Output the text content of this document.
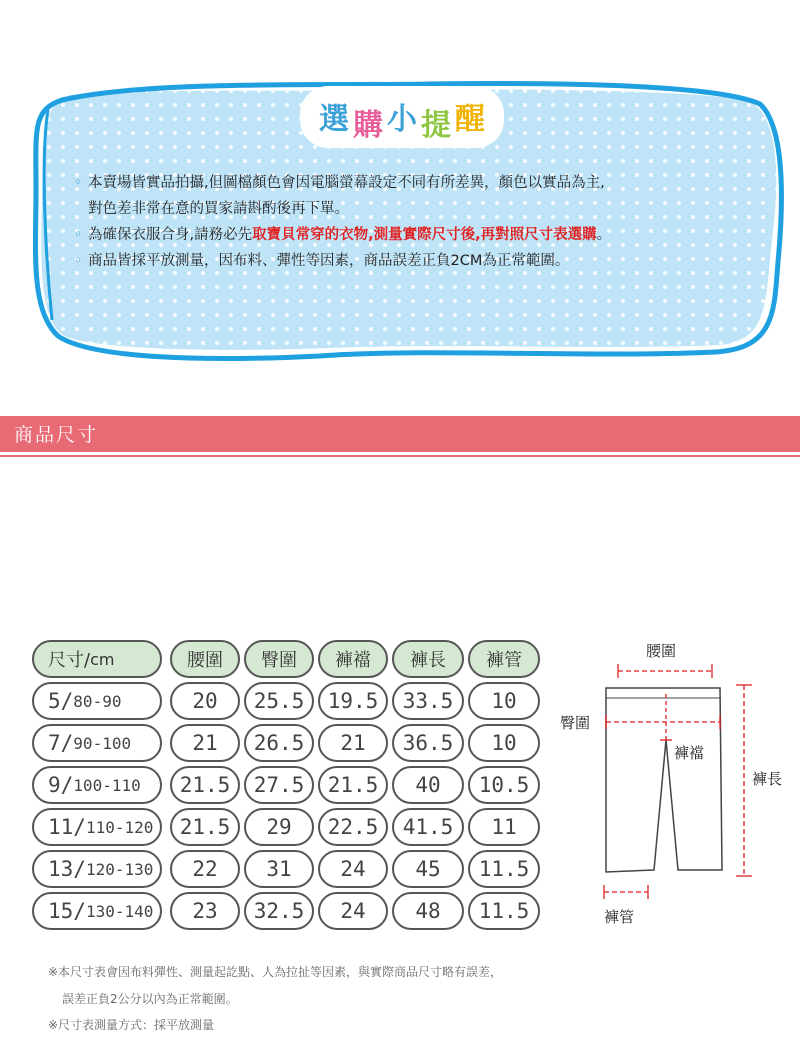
選 購 小 提 醒
◦ 本賣場皆實品拍攝,但圖檔顏色會因電腦螢幕設定不同有所差異，顏色以實品為主,
對色差非常在意的買家請斟酌後再下單。
◦ 為確保衣服合身,請務必先取寶貝常穿的衣物,測量實際尺寸後,再對照尺寸表選購。
◦ 商品皆採平放測量，因布料、彈性等因素，商品誤差正負2CM為正常範圍。
商品尺寸
尺寸/ cm	腰圍 臀圍 褲襠 褲長 褲管
5/ 80-90	20 25.5 19.5 33.5 10
7/ 90-100	21 26.5 21 36.5 10
9/ 100-110 21.5 27.5 21.5 40 10.5
11/ 110-120 21.5 29 22.5 41.5 11
13/ 120-130 22 31 24 45 11.5
15/ 130-140 23 32.5 24 48 11.5
腰圍
臀圍
褲襠
褲長
褲管
※本尺寸表會因布料彈性、測量起訖點、人為拉扯等因素，與實際商品尺寸略有誤差，
誤差正負2公分以內為正常範圍。
※尺寸表測量方式：採平放測量
